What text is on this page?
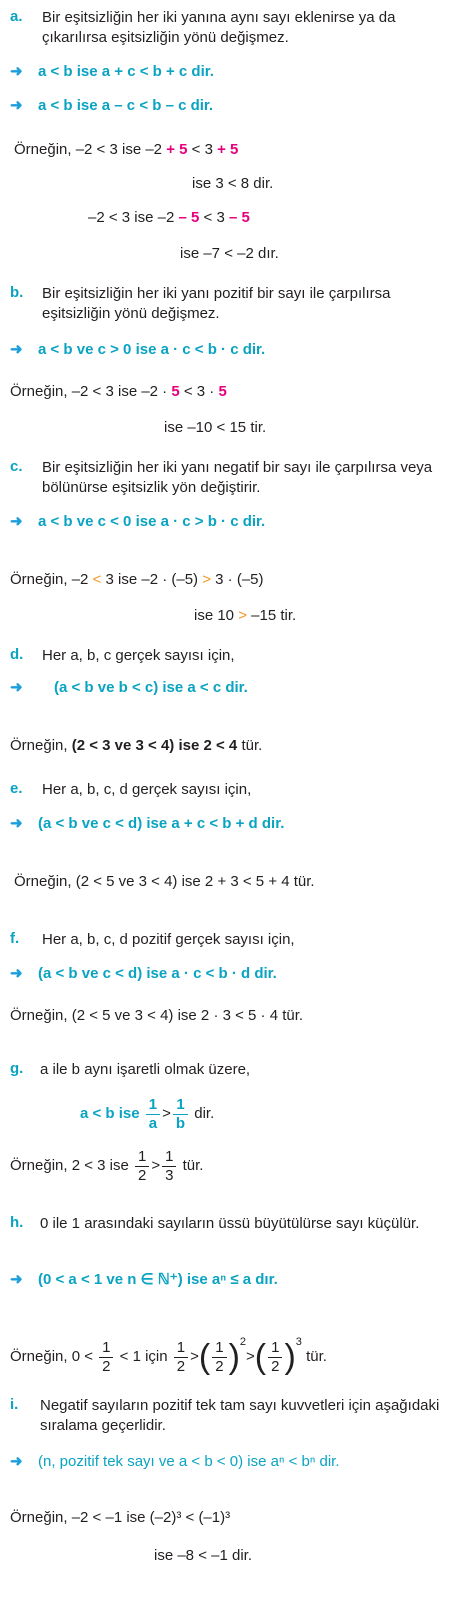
a. Bir eşitsizliğin her iki yanına aynı sayı eklenirse ya da çıkarılırsa eşitsizliğin yönü değişmez.
➜ a < b ise a + c < b + c dir.
➜ a < b ise a – c < b – c dir.
Örneğin, –2 < 3 ise –2 + 5 < 3 + 5
ise 3 < 8 dir.
–2 < 3 ise –2 – 5 < 3 – 5
ise –7 < –2 dır.
b. Bir eşitsizliğin her iki yanı pozitif bir sayı ile çarpılırsa eşitsizliğin yönü değişmez.
➜ a < b ve c > 0 ise a · c < b · c dir.
Örneğin, –2 < 3 ise –2 · 5 < 3 · 5
ise –10 < 15 tir.
c. Bir eşitsizliğin her iki yanı negatif bir sayı ile çarpılırsa veya bölünürse eşitsizlik yön değiştirir.
➜ a < b ve c < 0 ise a · c > b · c dir.
Örneğin, –2 < 3 ise –2 · (–5) > 3 · (–5)
ise 10 > –15 tir.
d. Her a, b, c gerçek sayısı için,
➜ (a < b ve b < c) ise a < c dir.
Örneğin, (2 < 3 ve 3 < 4) ise 2 < 4 tür.
e. Her a, b, c, d gerçek sayısı için,
➜ (a < b ve c < d) ise a + c < b + d dir.
Örneğin, (2 < 5 ve 3 < 4) ise 2 + 3 < 5 + 4 tür.
f. Her a, b, c, d pozitif gerçek sayısı için,
➜ (a < b ve c < d) ise a · c < b · d dir.
Örneğin, (2 < 5 ve 3 < 4) ise 2 · 3 < 5 · 4 tür.
g. a ile b aynı işaretli olmak üzere,
a < b ise $\frac{1}{a} > \frac{1}{b}$ dir.
Örneğin, 2 < 3 ise $\frac{1}{2} > \frac{1}{3}$ tür.
h. 0 ile 1 arasındaki sayıların üssü büyütülürse sayı küçülür.
➜ (0 < a < 1 ve n ∈ ℕ⁺) ise aⁿ ≤ a dır.
Örneğin, $0 < \frac{1}{2} < 1$ için $\frac{1}{2}$ >( $\frac{1}{2} )^2>( \frac{1}{2} )^3$ tür.
i. Negatif sayıların pozitif tek tam sayı kuvvetleri için aşağıdaki sıralama geçerlidir.
➜ (n, pozitif tek sayı ve a < b < 0) ise aⁿ < bⁿ dir.
Örneğin, –2 < –1 ise (–2)³ < (–1)³
ise –8 < –1 dir.
